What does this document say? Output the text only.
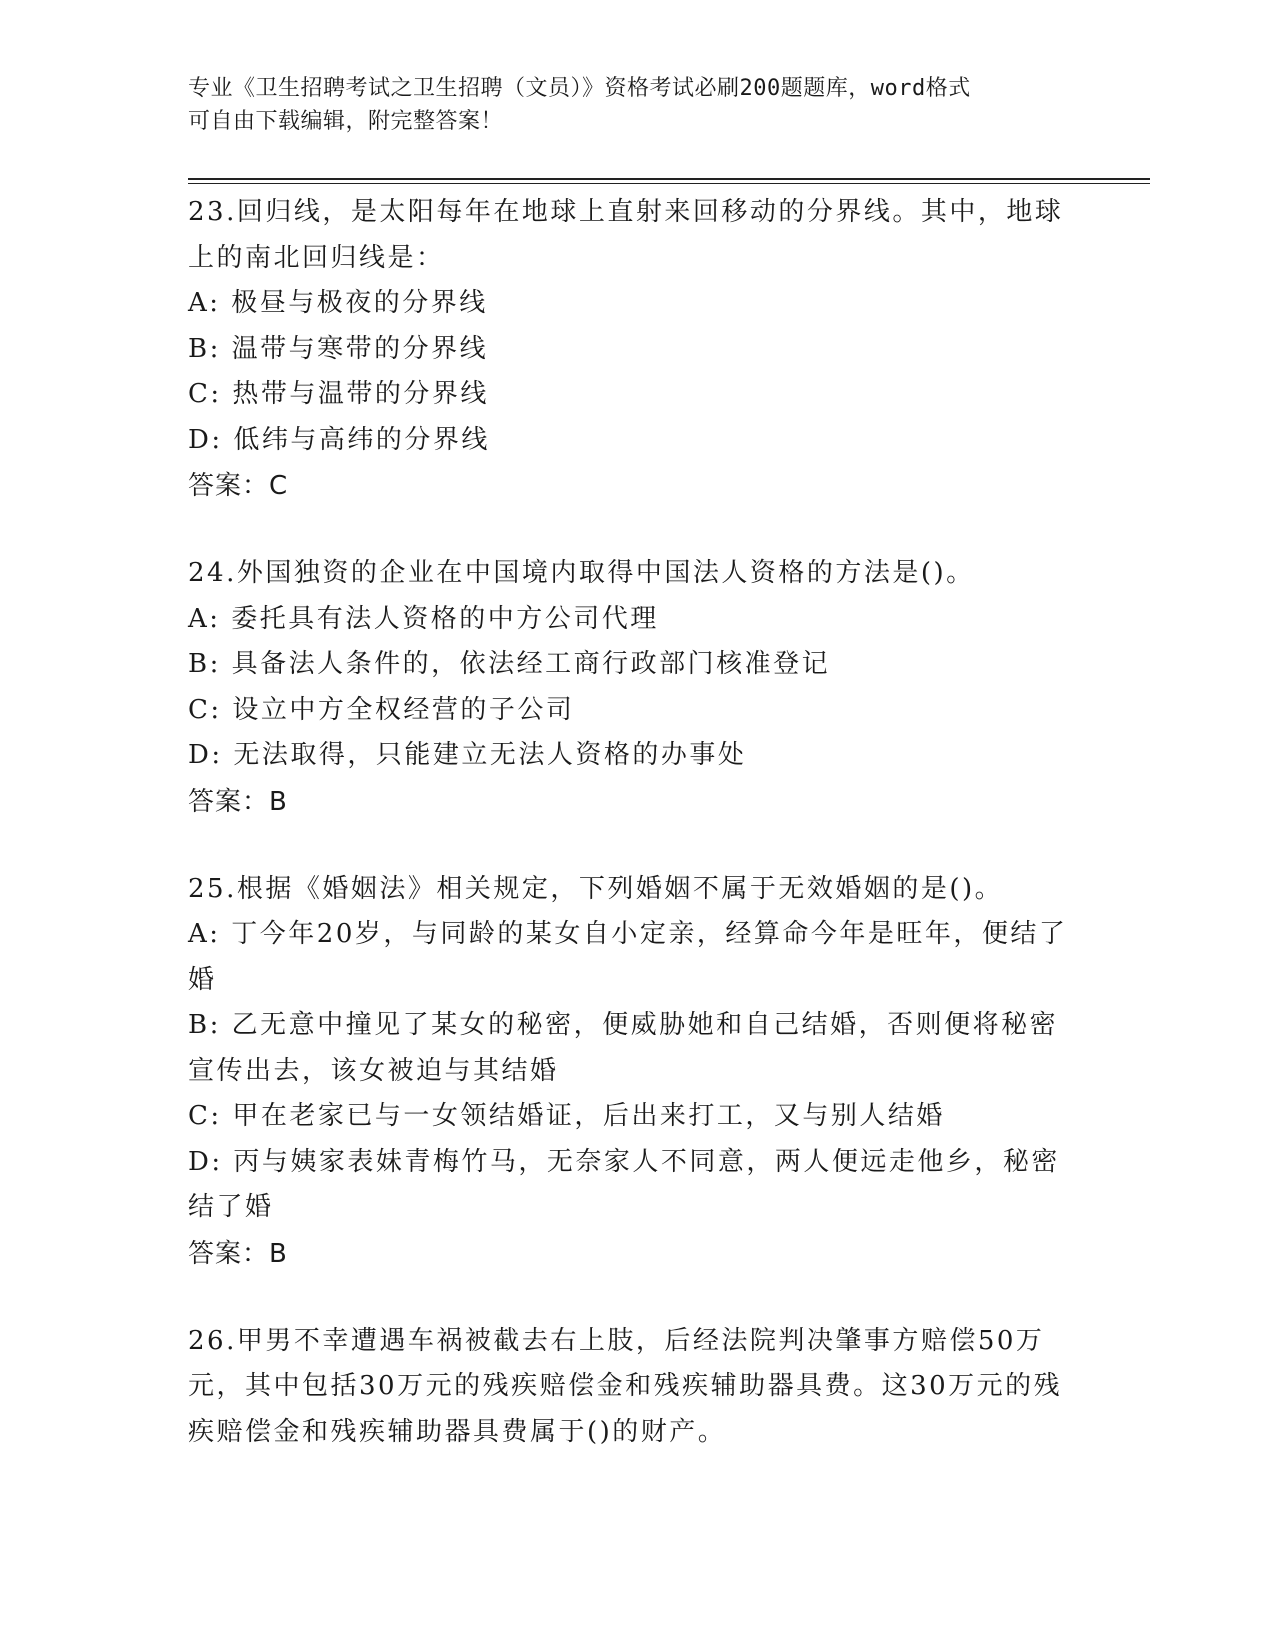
专业《卫生招聘考试之卫生招聘（文员）》资格考试必刷200题题库，word格式
可自由下载编辑，附完整答案！
23.回归线，是太阳每年在地球上直射来回移动的分界线。其中，地球上的南北回归线是：
A: 极昼与极夜的分界线
B: 温带与寒带的分界线
C: 热带与温带的分界线
D: 低纬与高纬的分界线
答案：C
24.外国独资的企业在中国境内取得中国法人资格的方法是()。
A: 委托具有法人资格的中方公司代理
B: 具备法人条件的，依法经工商行政部门核准登记
C: 设立中方全权经营的子公司
D: 无法取得，只能建立无法人资格的办事处
答案：B
25.根据《婚姻法》相关规定，下列婚姻不属于无效婚姻的是()。
A: 丁今年20岁，与同龄的某女自小定亲，经算命今年是旺年，便结了婚
B: 乙无意中撞见了某女的秘密，便威胁她和自己结婚，否则便将秘密宣传出去，该女被迫与其结婚
C: 甲在老家已与一女领结婚证，后出来打工，又与别人结婚
D: 丙与姨家表妹青梅竹马，无奈家人不同意，两人便远走他乡，秘密结了婚
答案：B
26.甲男不幸遭遇车祸被截去右上肢，后经法院判决肇事方赔偿50万元，其中包括30万元的残疾赔偿金和残疾辅助器具费。这30万元的残疾赔偿金和残疾辅助器具费属于()的财产。
